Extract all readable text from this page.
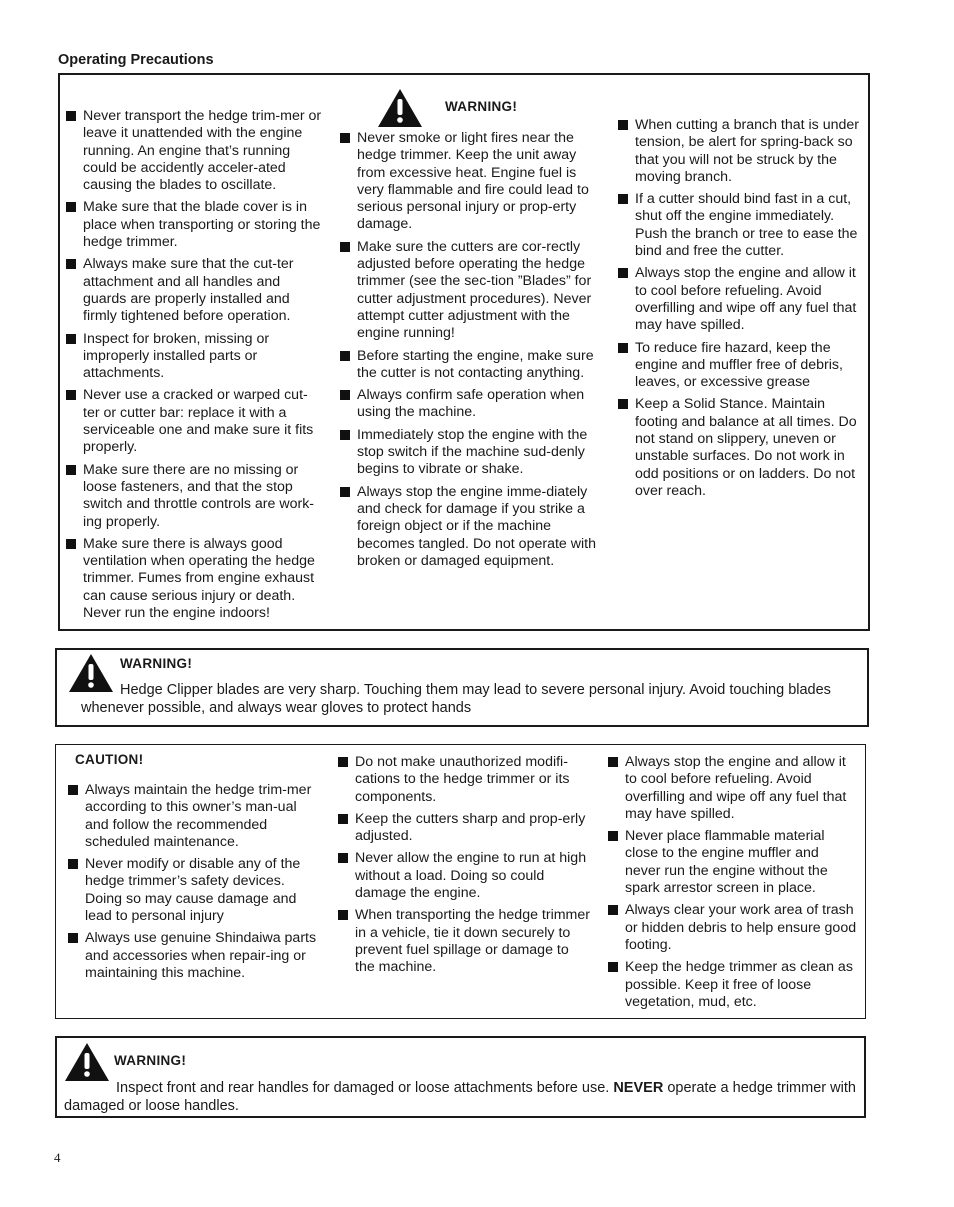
Operating Precautions
Never transport the hedge trim-mer or leave it unattended with the engine running. An engine that’s running could be accidently acceler-ated causing the blades to oscillate.
Make sure that the blade cover is in place when transporting or storing the hedge trimmer.
Always make sure that the cut-ter attachment and all handles and guards are properly installed and firmly tightened before operation.
Inspect for broken, missing or improperly installed parts or attachments.
Never use a cracked or warped cut-ter or cutter bar: replace it with a serviceable one and make sure it fits properly.
Make sure there are no missing or loose fasteners, and that the stop switch and throttle controls are work-ing properly.
Make sure there is always good ventilation when operating the hedge trimmer. Fumes from engine exhaust can cause serious injury or death. Never run the engine indoors!
WARNING!
Never smoke or light fires near the hedge trimmer. Keep the unit away from excessive heat. Engine fuel is very flammable and fire could lead to serious personal injury or prop-erty damage.
Make sure the cutters are cor-rectly adjusted before operating the hedge trimmer (see the sec-tion ”Blades” for cutter adjustment procedures). Never attempt cutter adjustment with the engine running!
Before starting the engine, make sure the cutter is not contacting anything.
Always confirm safe operation when using the machine.
Immediately stop the engine with the stop switch if the machine sud-denly begins to vibrate or shake.
Always stop the engine imme-diately and check for damage if you strike a foreign object or if the machine becomes tangled. Do not operate with broken or damaged equipment.
When cutting a branch that is under tension, be alert for spring-back so that you will not be struck by the moving branch.
If a cutter should bind fast in a cut, shut off the engine immediately. Push the branch or tree to ease the bind and free the cutter.
Always stop the engine and allow it to cool before refueling. Avoid overfilling and wipe off any fuel that may have spilled.
To reduce fire hazard, keep the engine and muffler free of debris, leaves, or excessive grease
Keep a Solid Stance. Maintain footing and balance at all times. Do not stand on slippery, uneven or unstable surfaces. Do not work in odd positions or on ladders. Do not over reach.
WARNING!
Hedge Clipper blades are very sharp. Touching them may lead to severe personal injury. Avoid touching blades whenever possible, and always wear gloves to protect hands
CAUTION!
Always maintain the hedge trim-mer according to this owner’s man-ual and follow the recommended scheduled maintenance.
Never modify or disable any of the hedge trimmer’s safety devices. Doing so may cause damage and lead to personal injury
Always use genuine Shindaiwa parts and accessories when repair-ing or maintaining this machine.
Do not make unauthorized modifi-cations to the hedge trimmer or its components.
Keep the cutters sharp and prop-erly adjusted.
Never allow the engine to run at high without a load. Doing so could damage the engine.
When transporting the hedge trimmer in a vehicle, tie it down securely to prevent fuel spillage or damage to the machine.
Always stop the engine and allow it to cool before refueling. Avoid overfilling and wipe off any fuel that may have spilled.
Never place flammable material close to the engine muffler and never run the engine without the spark arrestor screen in place.
Always clear your work area of trash or hidden debris to help ensure good footing.
Keep the hedge trimmer as clean as possible. Keep it free of loose vegetation, mud, etc.
WARNING!
Inspect front and rear handles for damaged or loose attachments before use. NEVER operate a hedge trimmer with damaged or loose handles.
4
